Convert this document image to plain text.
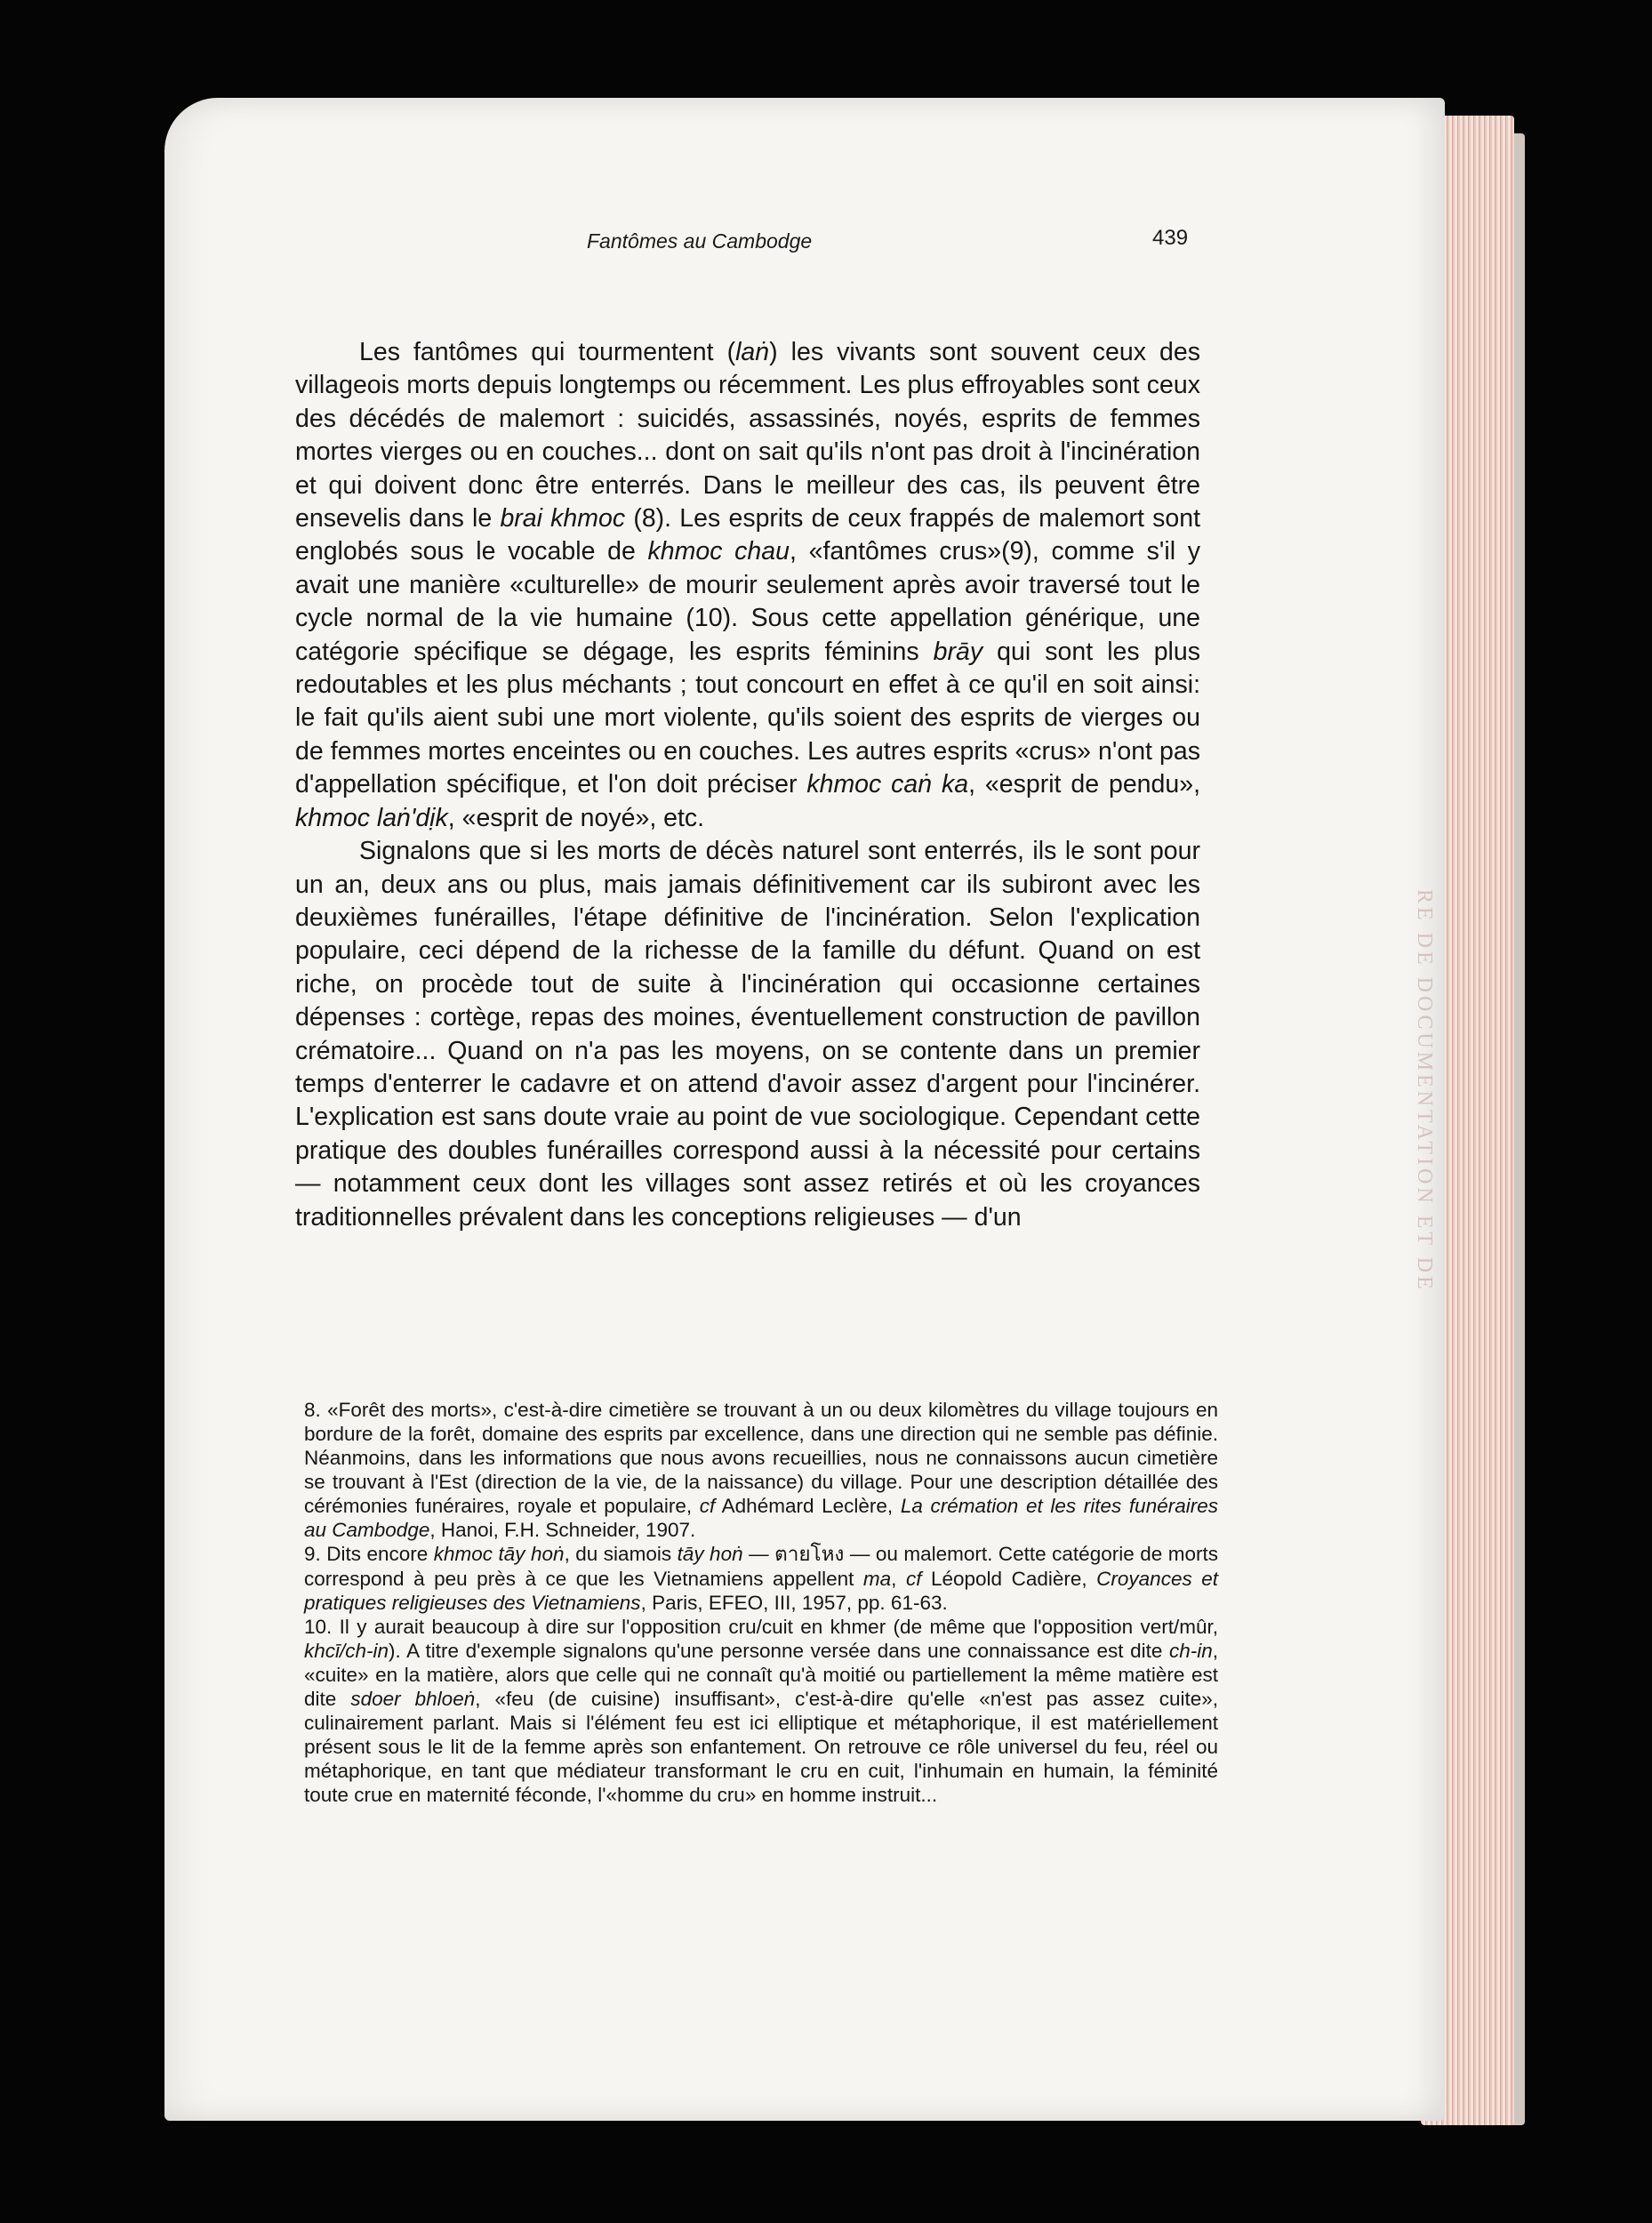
RE DE DOCUMENTATION ET DE
Fantômes au Cambodge	439

Les fantômes qui tourmentent (laṅ) les vivants sont souvent ceux des villageois morts depuis longtemps ou récemment. Les plus effroyables sont ceux des décédés de malemort : suicidés, assassinés, noyés, esprits de femmes mortes vierges ou en couches... dont on sait qu'ils n'ont pas droit à l'incinération et qui doivent donc être enterrés. Dans le meilleur des cas, ils peuvent être ensevelis dans le brai khmoc (8). Les esprits de ceux frappés de malemort sont englobés sous le vocable de khmoc chau, «fantômes crus»(9), comme s'il y avait une manière «culturelle» de mourir seulement après avoir traversé tout le cycle normal de la vie humaine (10). Sous cette appellation générique, une catégorie spécifique se dégage, les esprits féminins brāy qui sont les plus redoutables et les plus méchants ; tout concourt en effet à ce qu'il en soit ainsi: le fait qu'ils aient subi une mort violente, qu'ils soient des esprits de vierges ou de femmes mortes enceintes ou en couches. Les autres esprits «crus» n'ont pas d'appellation spécifique, et l'on doit préciser khmoc caṅ ka, «esprit de pendu», khmoc laṅ'dịk, «esprit de noyé», etc.

Signalons que si les morts de décès naturel sont enterrés, ils le sont pour un an, deux ans ou plus, mais jamais définitivement car ils subiront avec les deuxièmes funérailles, l'étape définitive de l'incinération. Selon l'explication populaire, ceci dépend de la richesse de la famille du défunt. Quand on est riche, on procède tout de suite à l'incinération qui occasionne certaines dépenses : cortège, repas des moines, éventuellement construction de pavillon crématoire... Quand on n'a pas les moyens, on se contente dans un premier temps d'enterrer le cadavre et on attend d'avoir assez d'argent pour l'incinérer. L'explication est sans doute vraie au point de vue sociologique. Cependant cette pratique des doubles funérailles correspond aussi à la nécessité pour certains — notamment ceux dont les villages sont assez retirés et où les croyances traditionnelles prévalent dans les conceptions religieuses — d'un

8. «Forêt des morts», c'est-à-dire cimetière se trouvant à un ou deux kilomètres du village toujours en bordure de la forêt, domaine des esprits par excellence, dans une direction qui ne semble pas définie. Néanmoins, dans les informations que nous avons recueillies, nous ne connaissons aucun cimetière se trouvant à l'Est (direction de la vie, de la naissance) du village. Pour une description détaillée des cérémonies funéraires, royale et populaire, cf Adhémard Leclère, La crémation et les rites funéraires au Cambodge, Hanoi, F.H. Schneider, 1907.

9. Dits encore khmoc tāy hoṅ, du siamois tāy hoṅ — ตายโหง — ou malemort. Cette catégorie de morts correspond à peu près à ce que les Vietnamiens appellent ma, cf Léopold Cadière, Croyances et pratiques religieuses des Vietnamiens, Paris, EFEO, III, 1957, pp. 61-63.

10. Il y aurait beaucoup à dire sur l'opposition cru/cuit en khmer (de même que l'opposition vert/mûr, khcī/ch-in). A titre d'exemple signalons qu'une personne versée dans une connaissance est dite ch-in, «cuite» en la matière, alors que celle qui ne connaît qu'à moitié ou partiellement la même matière est dite sdoer bhloeṅ, «feu (de cuisine) insuffisant», c'est-à-dire qu'elle «n'est pas assez cuite», culinairement parlant. Mais si l'élément feu est ici elliptique et métaphorique, il est matériellement présent sous le lit de la femme après son enfantement. On retrouve ce rôle universel du feu, réel ou métaphorique, en tant que médiateur transformant le cru en cuit, l'inhumain en humain, la féminité toute crue en maternité féconde, l'«homme du cru» en homme instruit...
